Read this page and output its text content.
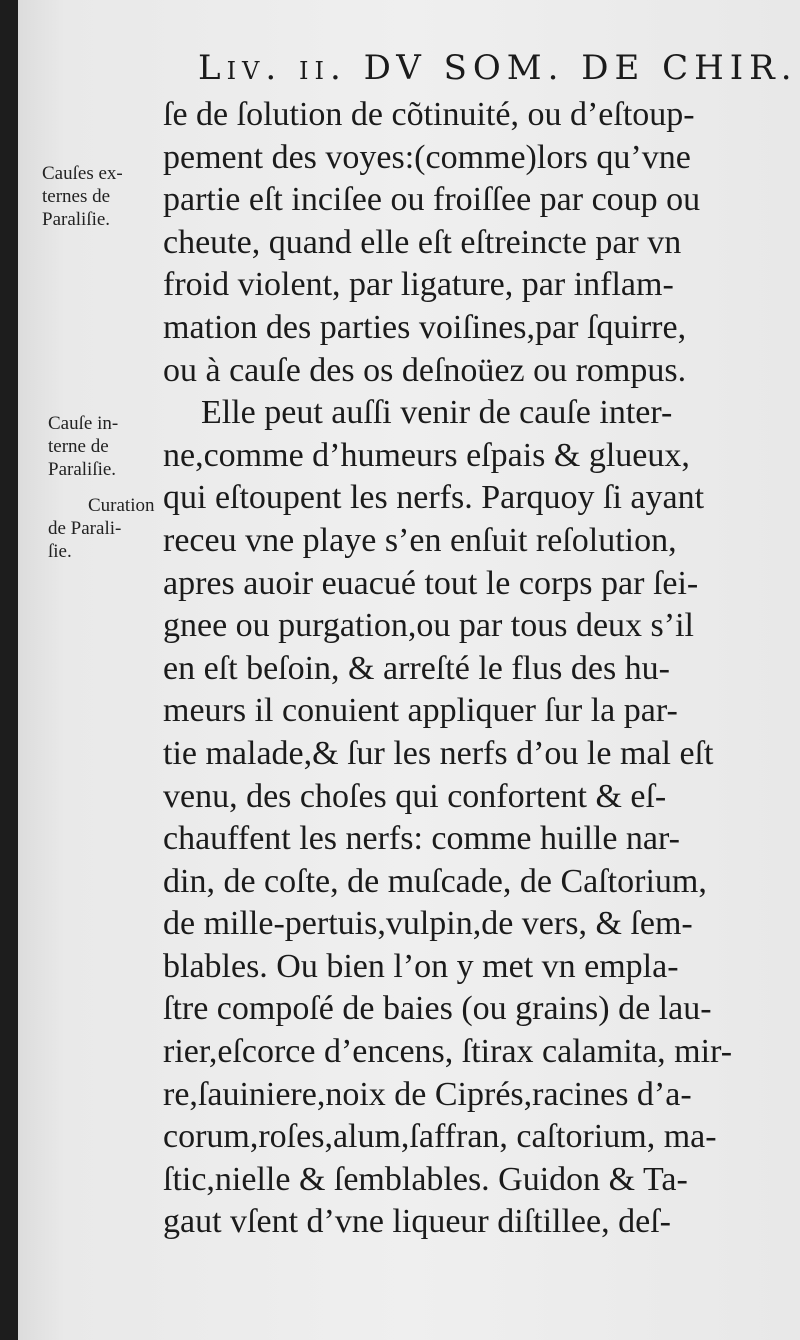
Liv. ii. DV SOM. DE CHIR.
ſe de ſolution de cõtinuité, ou d’eſtoup-
pement des voyes:(comme)lors qu’vne
partie eſt inciſee ou froiſſee par coup ou
cheute, quand elle eſt eſtreincte par vn
froid violent, par ligature, par inflam-
mation des parties voiſines,par ſquirre,
ou à cauſe des os deſnoüez ou rompus.
Elle peut auſſi venir de cauſe inter-
ne,comme d’humeurs eſpais & glueux,
qui eſtoupent les nerfs. Parquoy ſi ayant
receu vne playe s’en enſuit reſolution,
apres auoir euacué tout le corps par ſei-
gnee ou purgation,ou par tous deux s’il
en eſt beſoin, & arreſté le flus des hu-
meurs il conuient appliquer ſur la par-
tie malade,& ſur les nerfs d’ou le mal eſt
venu, des choſes qui confortent & eſ-
chauffent les nerfs: comme huille nar-
din, de coſte, de muſcade, de Caſtorium,
de mille-pertuis,vulpin,de vers, & ſem-
blables. Ou bien l’on y met vn empla-
ſtre compoſé de baies (ou grains) de lau-
rier,eſcorce d’encens, ſtirax calamita, mir-
re,ſauiniere,noix de Ciprés,racines d’a-
corum,roſes,alum,ſaffran, caſtorium, ma-
ſtic,nielle & ſemblables. Guidon & Ta-
gaut vſent d’vne liqueur diſtillee, deſ-
Cauſes ex-
ternes de
Paraliſie.
Cauſe in-
terne de
Paraliſie.
Curation
de Parali-
ſie.
